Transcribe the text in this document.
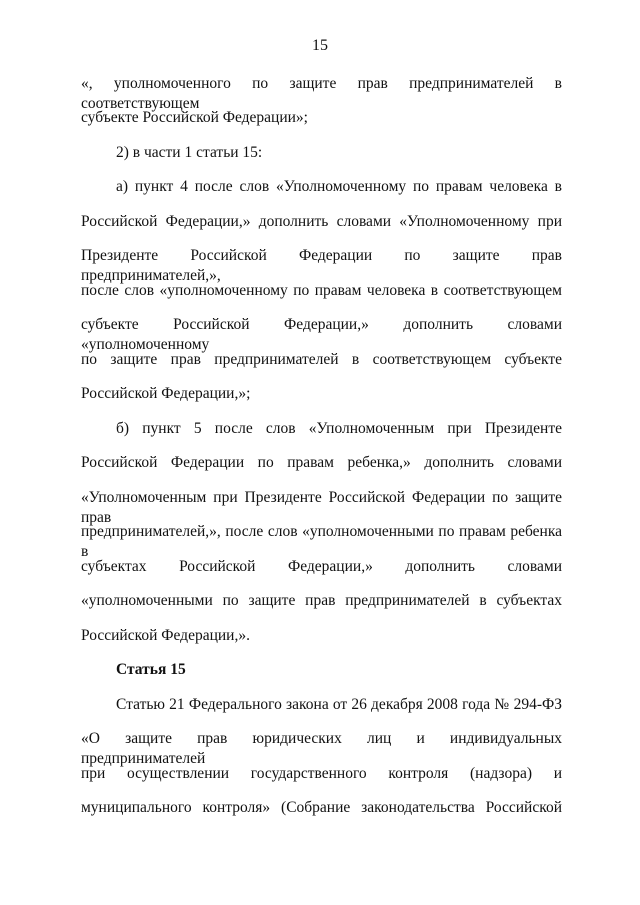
15
«, уполномоченного по защите прав предпринимателей в соответствующем
субъекте Российской Федерации»;
2) в части 1 статьи 15:
а) пункт 4 после слов «Уполномоченному по правам человека в
Российской Федерации,» дополнить словами «Уполномоченному при
Президенте Российской Федерации по защите прав предпринимателей,»,
после слов «уполномоченному по правам человека в соответствующем
субъекте Российской Федерации,» дополнить словами «уполномоченному
по защите прав предпринимателей в соответствующем субъекте
Российской Федерации,»;
б) пункт 5 после слов «Уполномоченным при Президенте
Российской Федерации по правам ребенка,» дополнить словами
«Уполномоченным при Президенте Российской Федерации по защите прав
предпринимателей,», после слов «уполномоченными по правам ребенка в
субъектах Российской Федерации,» дополнить словами
«уполномоченными по защите прав предпринимателей в субъектах
Российской Федерации,».
Статья 15
Статью 21 Федерального закона от 26 декабря 2008 года № 294-ФЗ
«О защите прав юридических лиц и индивидуальных предпринимателей
при осуществлении государственного контроля (надзора) и
муниципального контроля» (Собрание законодательства Российской
